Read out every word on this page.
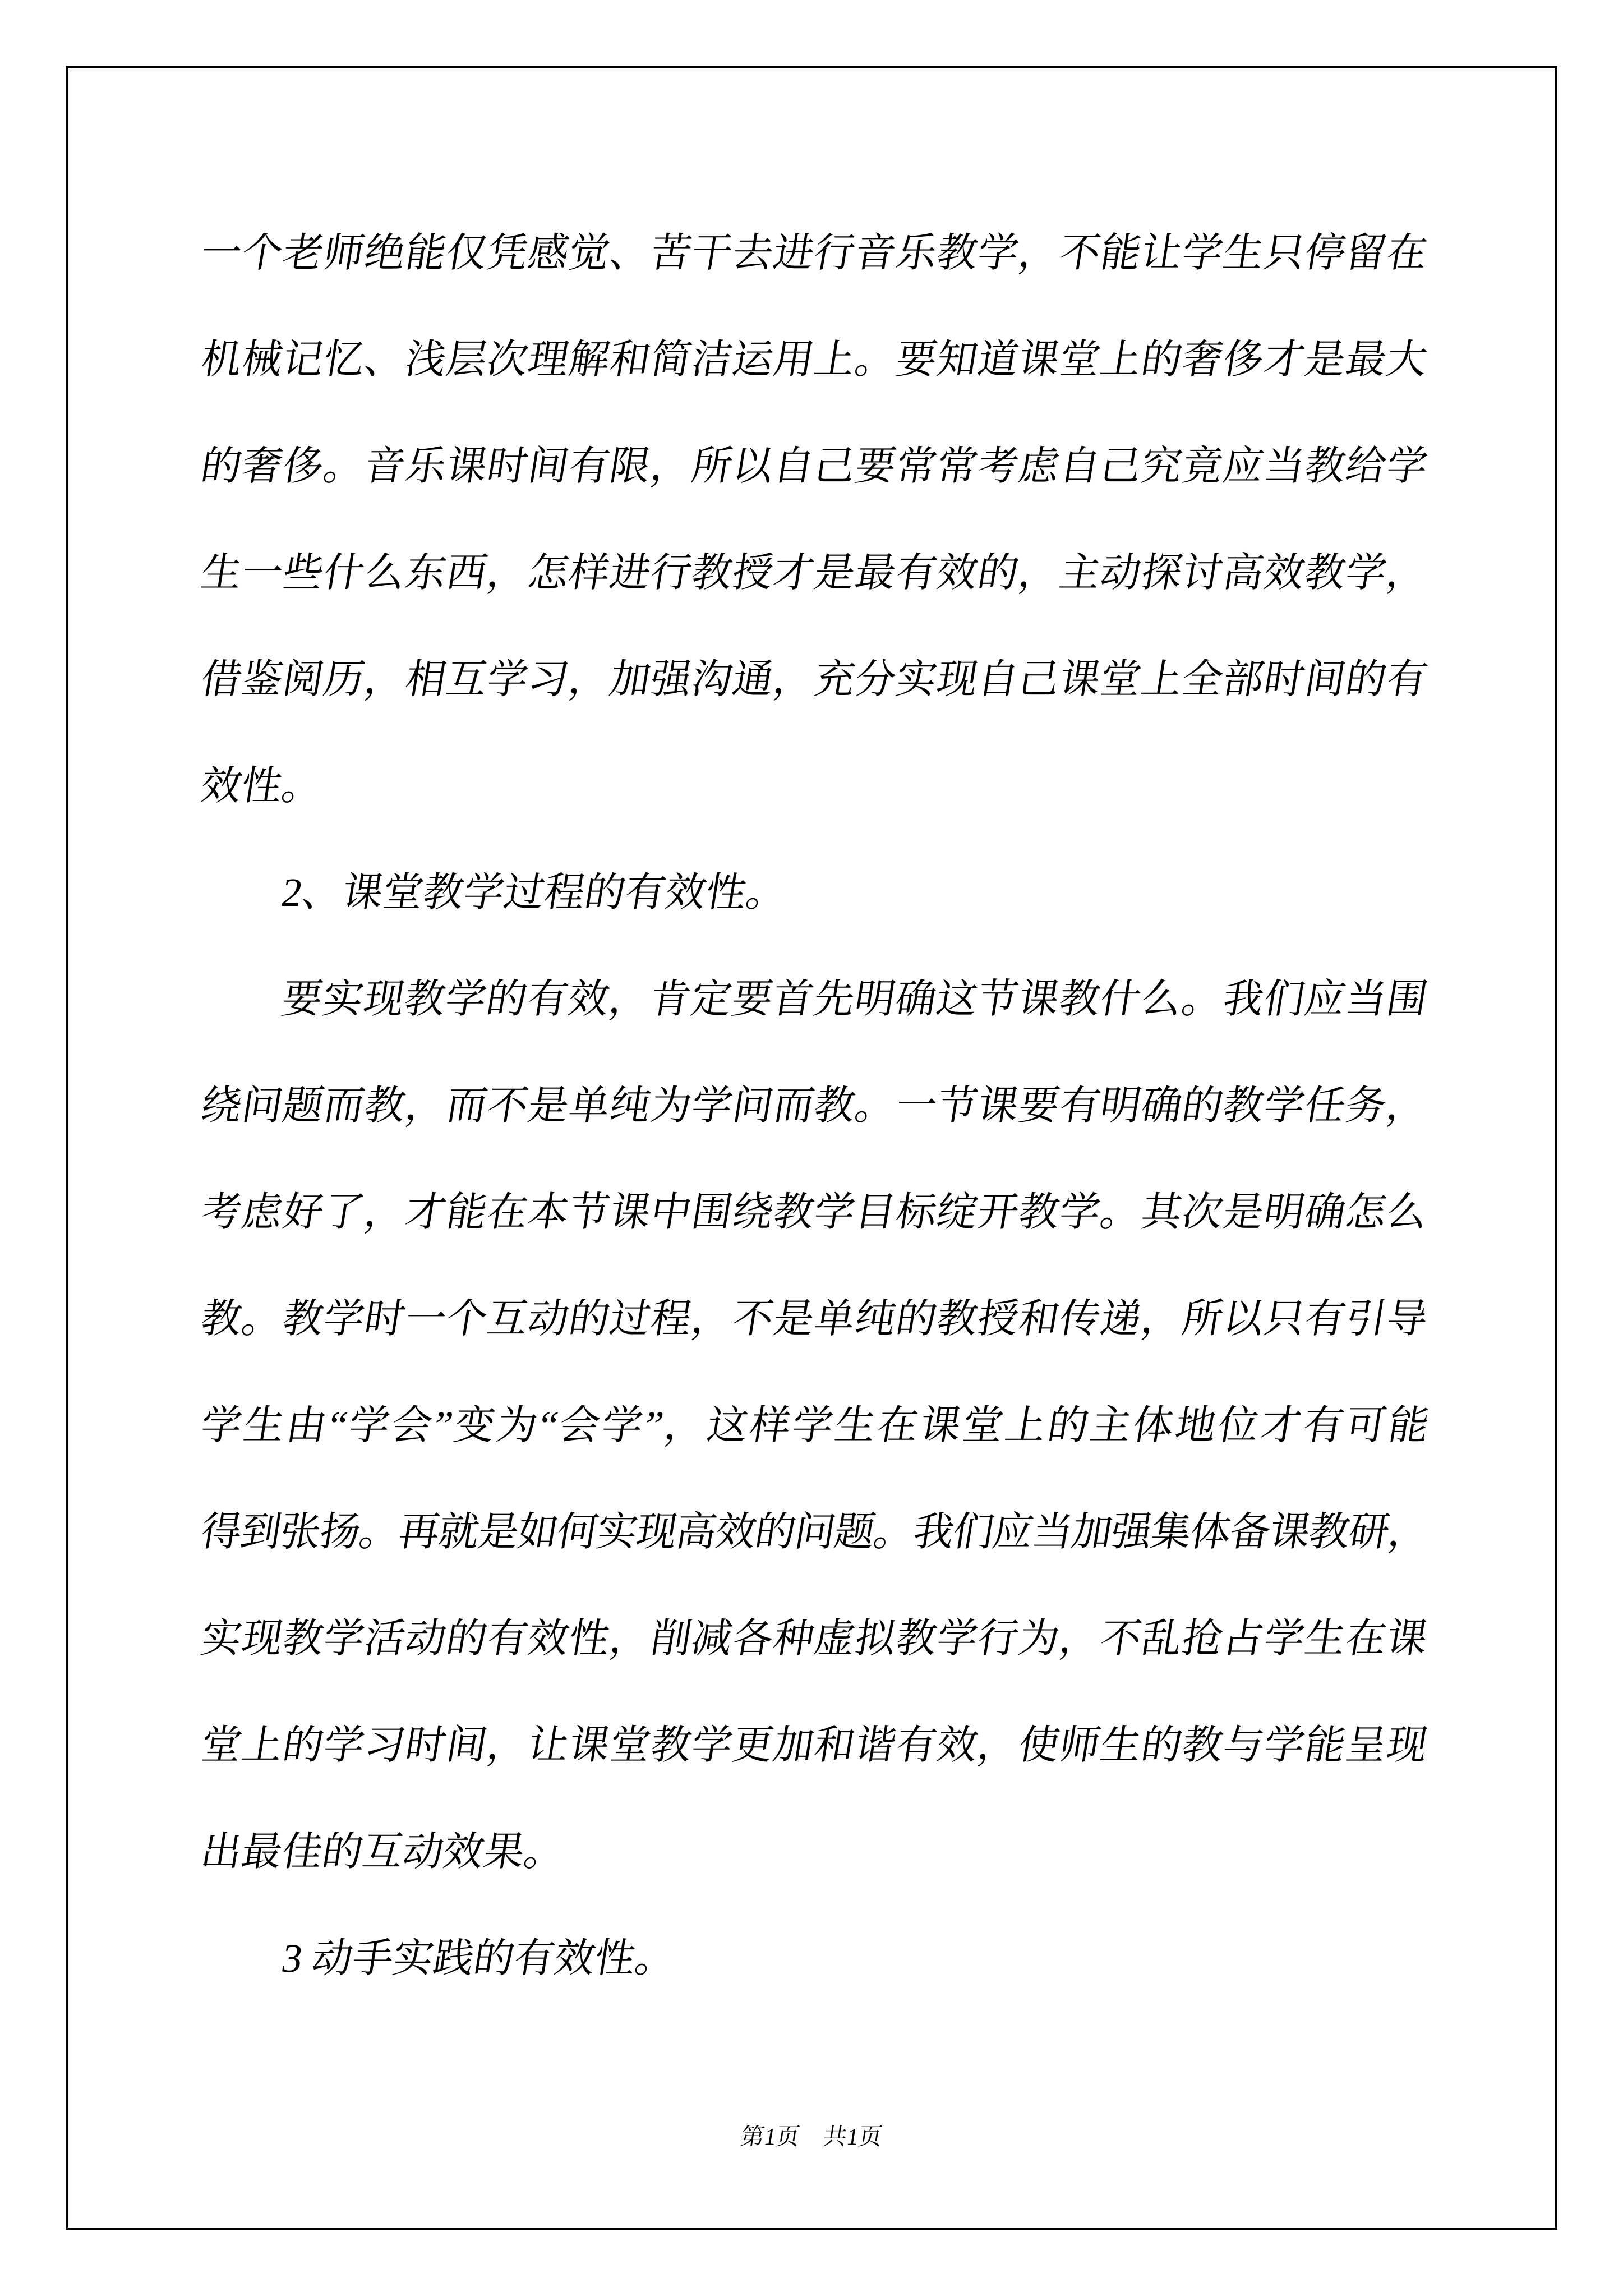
一个老师绝能仅凭感觉、苦干去进行音乐教学，不能让学生只停留在
机械记忆、浅层次理解和简洁运用上。要知道课堂上的奢侈才是最大
的奢侈。音乐课时间有限，所以自己要常常考虑自己究竟应当教给学
生一些什么东西，怎样进行教授才是最有效的，主动探讨高效教学，
借鉴阅历，相互学习，加强沟通，充分实现自己课堂上全部时间的有
效性。
2、课堂教学过程的有效性。
要实现教学的有效，肯定要首先明确这节课教什么。我们应当围
绕问题而教，而不是单纯为学问而教。一节课要有明确的教学任务，
考虑好了，才能在本节课中围绕教学目标绽开教学。其次是明确怎么
教。教学时一个互动的过程，不是单纯的教授和传递，所以只有引导
学生由“学会”变为“会学”，这样学生在课堂上的主体地位才有可能
得到张扬。再就是如何实现高效的问题。我们应当加强集体备课教研，
实现教学活动的有效性，削减各种虚拟教学行为，不乱抢占学生在课
堂上的学习时间，让课堂教学更加和谐有效，使师生的教与学能呈现
出最佳的互动效果。
3 动手实践的有效性。
第1页　共1页
